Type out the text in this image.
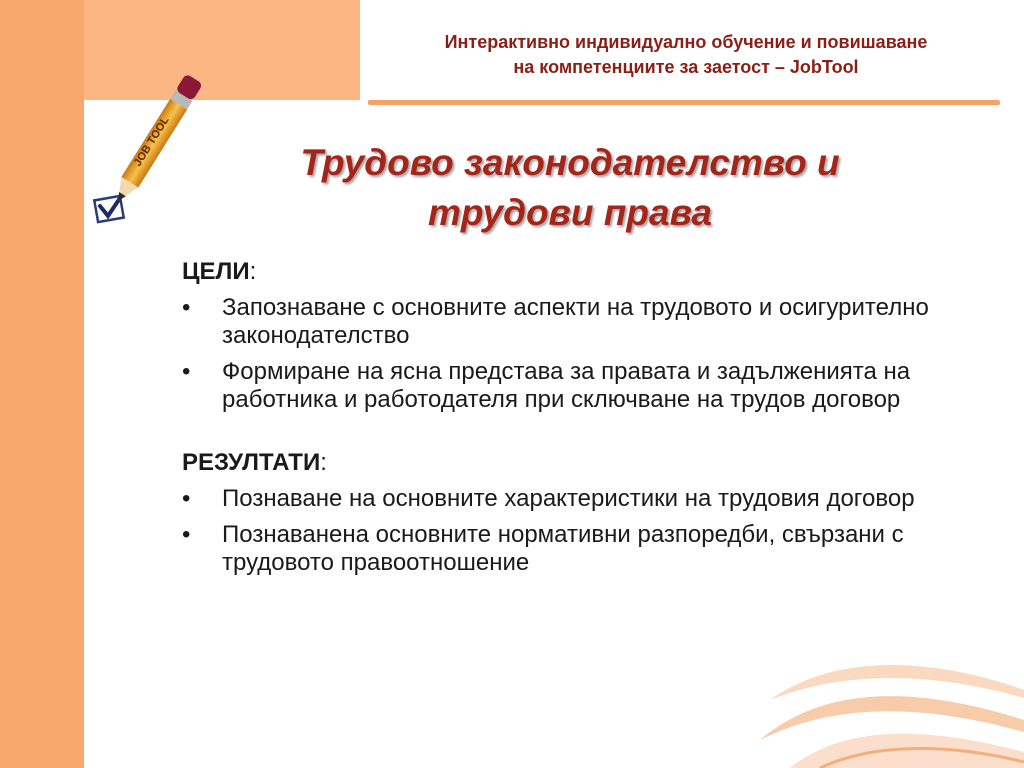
Интерактивно индивидуално обучение и повишаване
на компетенциите за заетост – JobTool
JOB TOOL	Трудово законодателство и
трудови права

ЦЕЛИ:

• Запознаване с основните аспекти на трудовото и осигурително законодателство
• Формиране на ясна представа за правата и задълженията на работника и работодателя при сключване на трудов договор

РЕЗУЛТАТИ:

• Познаване на основните характеристики на трудовия договор
• Познаваненa основните нормативни разпоредби, свързани с трудовото правоотношение
